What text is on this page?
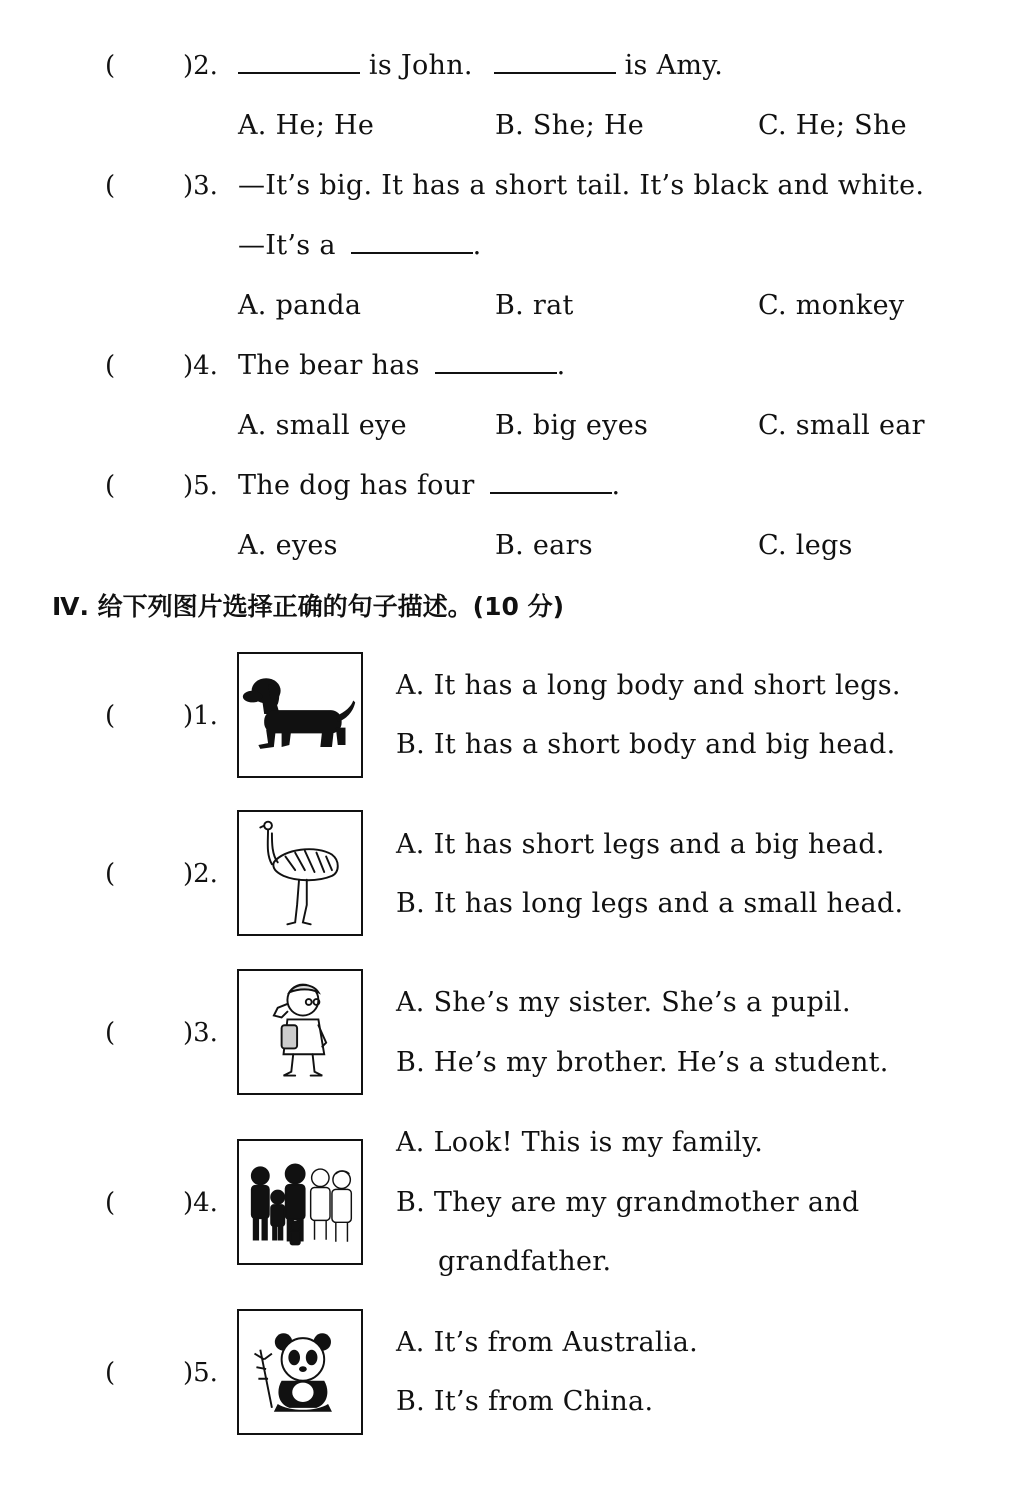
(	)2.	is John.	is Amy.
A. He; He	B. She; He	C. He; She
(	)3. —It’s big. It has a short tail. It’s black and white.
—It’s a	.
A. panda	B. rat	C. monkey
(	)4. The bear has	.
A. small eye	B. big eyes	C. small ear
(	)5. The dog has four	.
A. eyes	B. ears	C. legs
Ⅳ. 给下列图片选择正确的句子描述。(10 分)
(	)1.
A. It has a long body and short legs.
B. It has a short body and big head.
(	)2.
A. It has short legs and a big head.
B. It has long legs and a small head.
(	)3.
A. She’s my sister. She’s a pupil.
B. He’s my brother. He’s a student.
(	)4.
A. Look! This is my family.
B. They are my grandmother and
grandfather.
(	)5.
A. It’s from Australia.
B. It’s from China.
